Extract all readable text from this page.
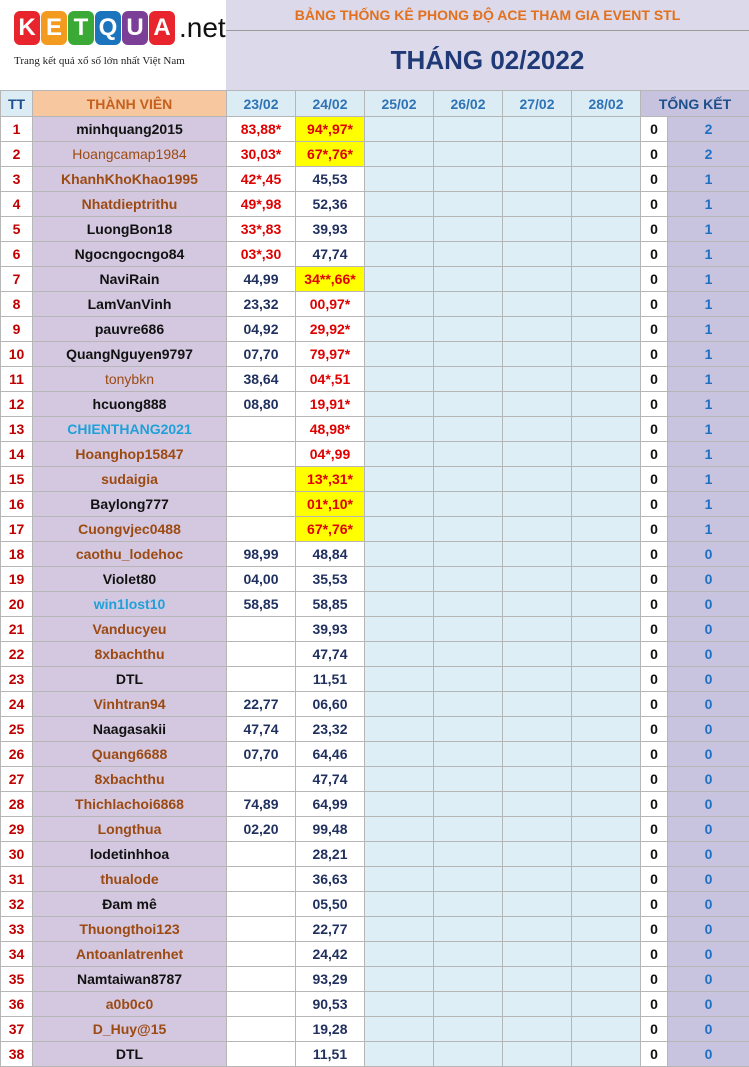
K E T Q U A .net
Trang kết quả xổ số lớn nhất Việt Nam
BẢNG THỐNG KÊ PHONG ĐỘ ACE THAM GIA EVENT STL
THÁNG 02/2022
TT	THÀNH VIÊN	23/02	24/02	25/02	26/02	27/02	28/02	TỔNG KẾT	
1	minhquang2015	83,88*	94*,97*					0	2
2	Hoangcamap1984	30,03*	67*,76*					0	2
3	KhanhKhoKhao1995	42*,45	45,53					0	1
4	Nhatdieptrithu	49*,98	52,36					0	1
5	LuongBon18	33*,83	39,93					0	1
6	Ngocngocngo84	03*,30	47,74					0	1
7	NaviRain	44,99	34**,66*					0	1
8	LamVanVinh	23,32	00,97*					0	1
9	pauvre686	04,92	29,92*					0	1
10	QuangNguyen9797	07,70	79,97*					0	1
11	tonybkn	38,64	04*,51					0	1
12	hcuong888	08,80	19,91*					0	1
13	CHIENTHANG2021		48,98*					0	1
14	Hoanghop15847		04*,99					0	1
15	sudaigia		13*,31*					0	1
16	Baylong777		01*,10*					0	1
17	Cuongvjec0488		67*,76*					0	1
18	caothu_lodehoc	98,99	48,84					0	0
19	Violet80	04,00	35,53					0	0
20	win1lost10	58,85	58,85					0	0
21	Vanducyeu		39,93					0	0
22	8xbachthu		47,74					0	0
23	DTL		11,51					0	0
24	Vinhtran94	22,77	06,60					0	0
25	Naagasakii	47,74	23,32					0	0
26	Quang6688	07,70	64,46					0	0
27	8xbachthu		47,74					0	0
28	Thichlachoi6868	74,89	64,99					0	0
29	Longthua	02,20	99,48					0	0
30	lodetinhhoa		28,21					0	0
31	thualode		36,63					0	0
32	Đam mê		05,50					0	0
33	Thuongthoi123		22,77					0	0
34	Antoanlatrenhet		24,42					0	0
35	Namtaiwan8787		93,29					0	0
36	a0b0c0		90,53					0	0
37	D_Huy@15		19,28					0	0
38	DTL		11,51					0	0
